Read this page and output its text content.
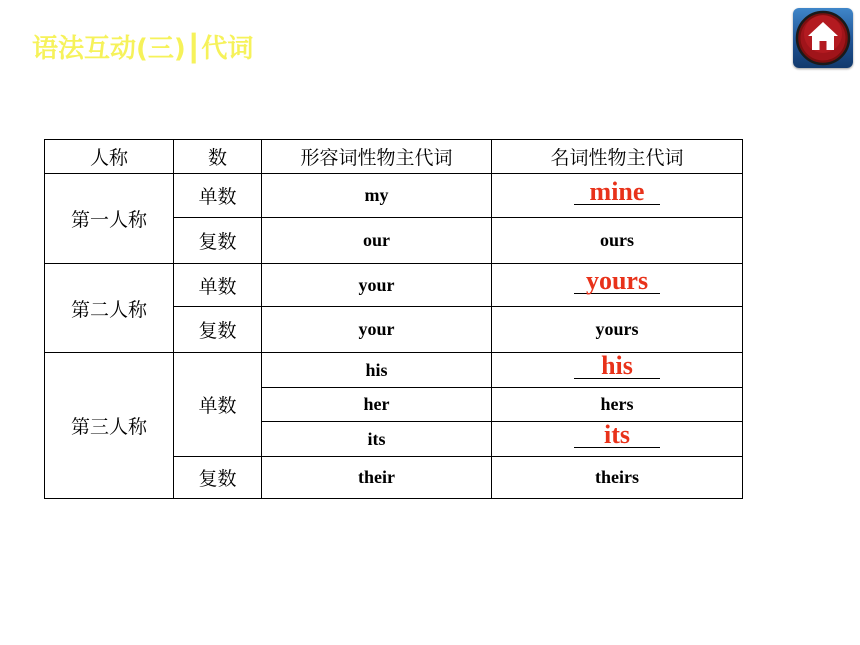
语法互动(三)┃代词
人称	数	形容词性物主代词	名词性物主代词
第一人称	单数	my	mine

	复数	our	ours
第二人称	单数	your	yours

	复数	your	yours
第三人称	单数	his	his

		her	hers
		its	its

	复数	their	theirs
